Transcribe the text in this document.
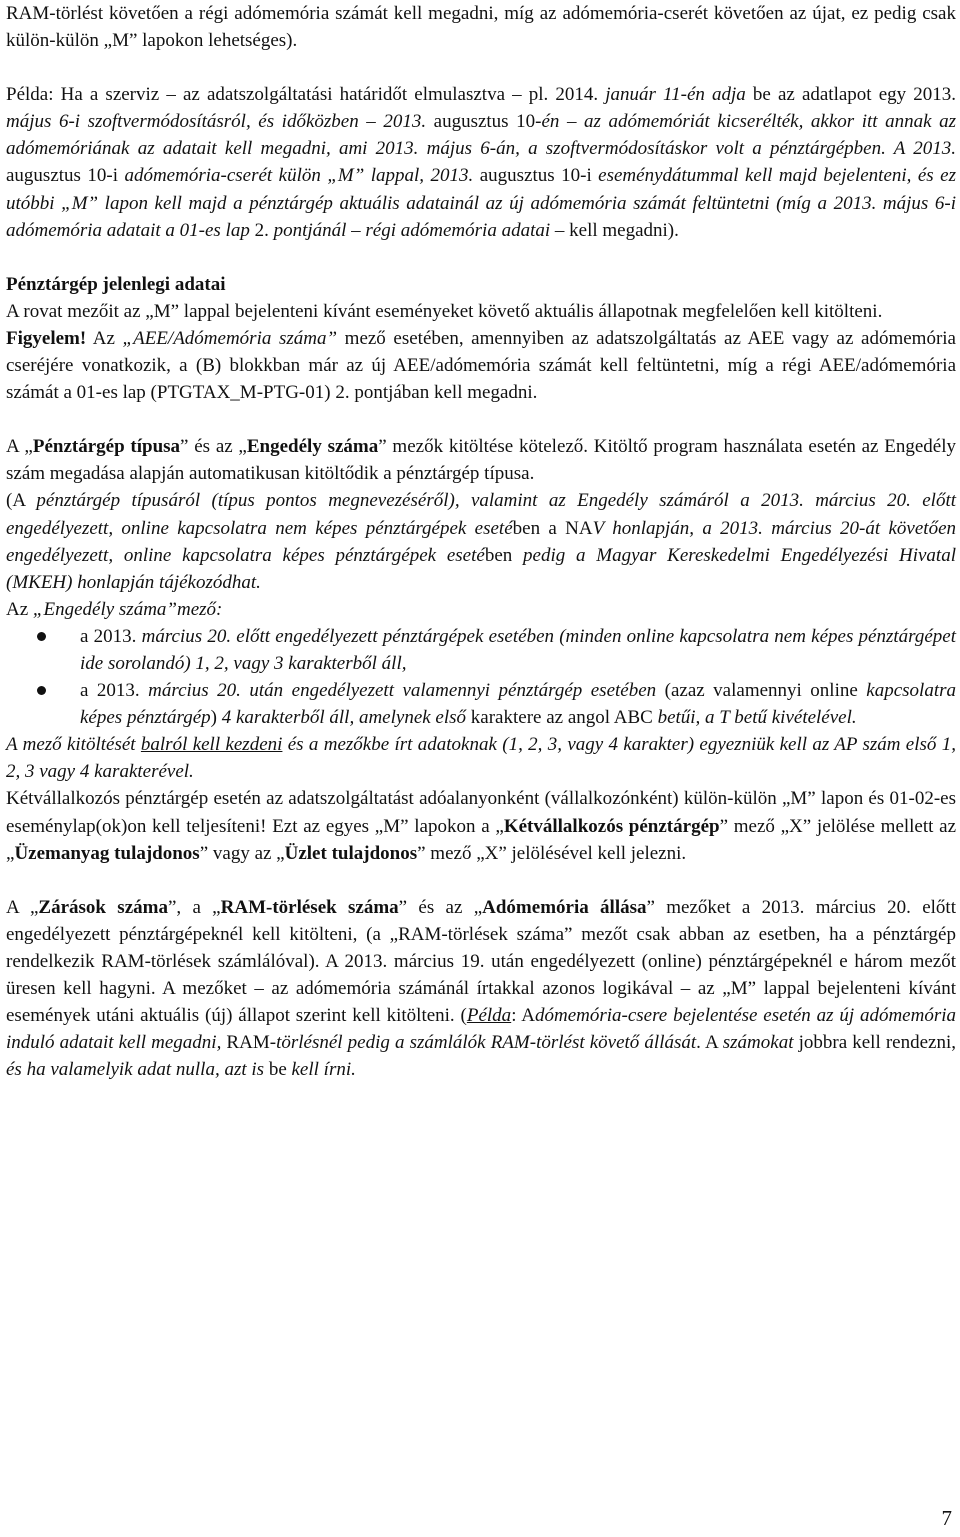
RAM-törlést követően a régi adómemória számát kell megadni, míg az adómemória-cserét követően az újat, ez pedig csak külön-külön „M” lapokon lehetséges).

Példa: Ha a szerviz – az adatszolgáltatási határidőt elmulasztva – pl. 2014. január 11-én adja be az adatlapot egy 2013. május 6-i szoftvermódosításról, és időközben – 2013. augusztus 10-én – az adómemóriát kicserélték, akkor itt annak az adómemóriának az adatait kell megadni, ami 2013. május 6-án, a szoftvermódosításkor volt a pénztárgépben. A 2013. augusztus 10-i adómemória-cserét külön „M” lappal, 2013. augusztus 10-i eseménydátummal kell majd bejelenteni, és ez utóbbi „M” lapon kell majd a pénztárgép aktuális adatainál az új adómemória számát feltüntetni (míg a 2013. május 6-i adómemória adatait a 01-es lap 2. pontjánál – régi adómemória adatai – kell megadni).

Pénztárgép jelenlegi adatai

A rovat mezőit az „M” lappal bejelenteni kívánt eseményeket követő aktuális állapotnak megfelelően kell kitölteni.

Figyelem! Az „AEE/Adómemória száma” mező esetében, amennyiben az adatszolgáltatás az AEE vagy az adómemória cseréjére vonatkozik, a (B) blokkban már az új AEE/adómemória számát kell feltüntetni, míg a régi AEE/adómemória számát a 01-es lap (PTGTAX_M-PTG-01) 2. pontjában kell megadni.

A „Pénztárgép típusa” és az „Engedély száma” mezők kitöltése kötelező. Kitöltő program használata esetén az Engedély szám megadása alapján automatikusan kitöltődik a pénztárgép típusa.

(A pénztárgép típusáról (típus pontos megnevezéséről), valamint az Engedély számáról a 2013. március 20. előtt engedélyezett, online kapcsolatra nem képes pénztárgépek esetében a NAV honlapján, a 2013. március 20-át követően engedélyezett, online kapcsolatra képes pénztárgépek esetében pedig a Magyar Kereskedelmi Engedélyezési Hivatal (MKEH) honlapján tájékozódhat.

Az „Engedély száma”mező:

a 2013. március 20. előtt engedélyezett pénztárgépek esetében (minden online kapcsolatra nem képes pénztárgépet ide sorolandó) 1, 2, vagy 3 karakterből áll,
a 2013. március 20. után engedélyezett valamennyi pénztárgép esetében (azaz valamennyi online kapcsolatra képes pénztárgép) 4 karakterből áll, amelynek első karaktere az angol ABC betűi, a T betű kivételével.

A mező kitöltését balról kell kezdeni és a mezőkbe írt adatoknak (1, 2, 3, vagy 4 karakter) egyezniük kell az AP szám első 1, 2, 3 vagy 4 karakterével.

Kétvállalkozós pénztárgép esetén az adatszolgáltatást adóalanyonként (vállalkozónként) külön-külön „M” lapon és 01-02-es eseménylap(ok)on kell teljesíteni! Ezt az egyes „M” lapokon a „Kétvállalkozós pénztárgép” mező „X” jelölése mellett az „Üzemanyag tulajdonos” vagy az „Üzlet tulajdonos” mező „X” jelölésével kell jelezni.

A „Zárások száma”, a „RAM-törlések száma” és az „Adómemória állása” mezőket a 2013. március 20. előtt engedélyezett pénztárgépeknél kell kitölteni, (a „RAM-törlések száma” mezőt csak abban az esetben, ha a pénztárgép rendelkezik RAM-törlések számlálóval). A 2013. március 19. után engedélyezett (online) pénztárgépeknél e három mezőt üresen kell hagyni. A mezőket – az adómemória számánál írtakkal azonos logikával – az „M” lappal bejelenteni kívánt események utáni aktuális (új) állapot szerint kell kitölteni. (Példa: Adómemória-csere bejelentése esetén az új adómemória induló adatait kell megadni, RAM-törlésnél pedig a számlálók RAM-törlést követő állását. A számokat jobbra kell rendezni, és ha valamelyik adat nulla, azt is be kell írni.

7
